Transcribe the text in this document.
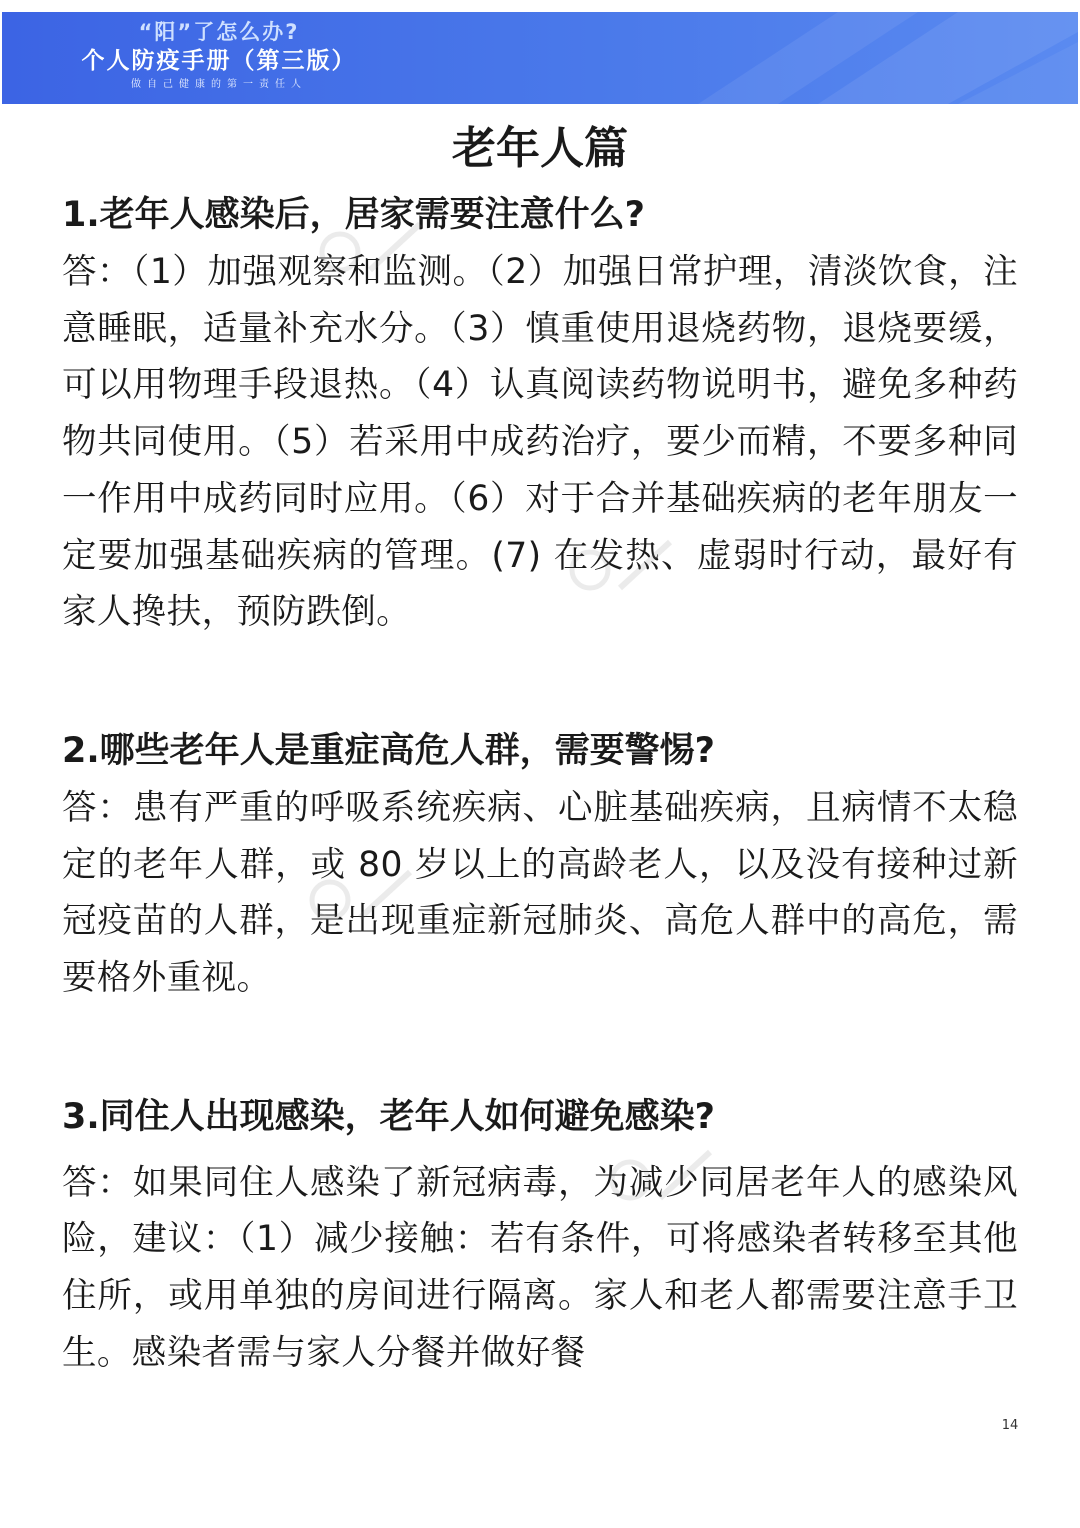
“阳”了怎么办?
个人防疫手册（第三版）
做自己健康的第一责任人
老年人篇

1.老年人感染后，居家需要注意什么?

答：（1）加强观察和监测。（2）加强日常护理，清淡饮食，注意睡眠，适量补充水分。（3）慎重使用退烧药物，退烧要缓，可以用物理手段退热。（4）认真阅读药物说明书，避免多种药物共同使用。（5）若采用中成药治疗，要少而精，不要多种同一作用中成药同时应用。（6）对于合并基础疾病的老年朋友一定要加强基础疾病的管理。(7) 在发热、虚弱时行动，最好有家人搀扶，预防跌倒。

2.哪些老年人是重症高危人群，需要警惕?

答：患有严重的呼吸系统疾病、心脏基础疾病，且病情不太稳定的老年人群，或 80 岁以上的高龄老人，以及没有接种过新冠疫苗的人群，是出现重症新冠肺炎、高危人群中的高危，需要格外重视。

3.同住人出现感染，老年人如何避免感染?

答：如果同住人感染了新冠病毒，为减少同居老年人的感染风险，建议：（1）减少接触：若有条件，可将感染者转移至其他住所，或用单独的房间进行隔离。家人和老人都需要注意手卫生。感染者需与家人分餐并做好餐

14
